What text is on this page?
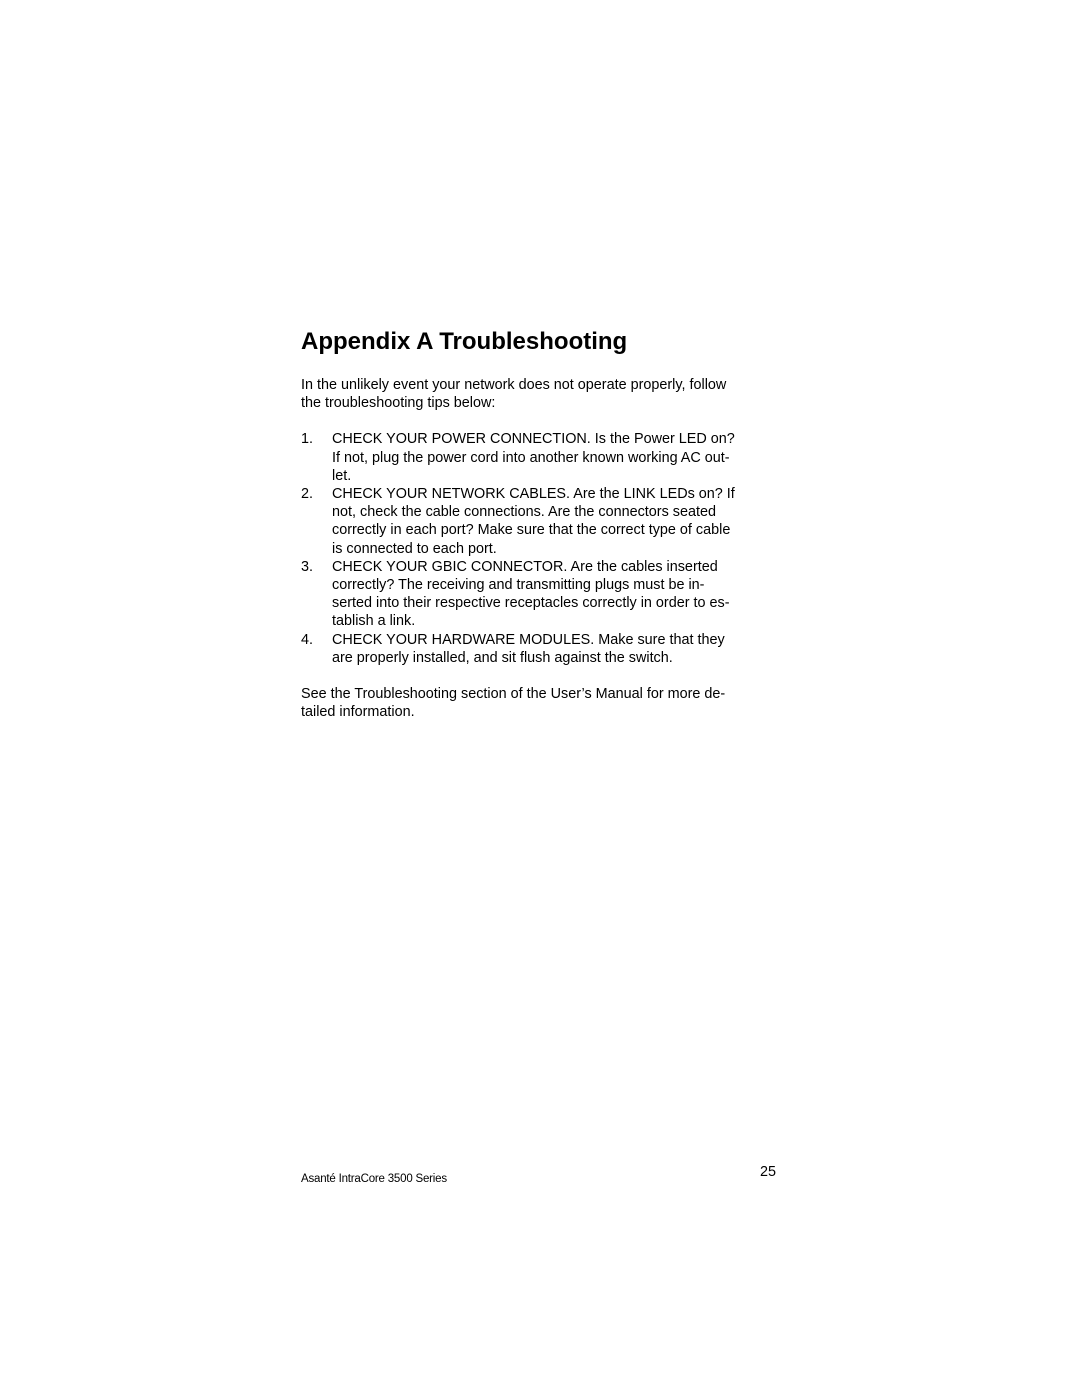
Appendix A Troubleshooting

In the unlikely event your network does not operate properly, follow
the troubleshooting tips below:

1. CHECK YOUR POWER CONNECTION. Is the Power LED on?
If not, plug the power cord into another known working AC out-
let.
2. CHECK YOUR NETWORK CABLES. Are the LINK LEDs on? If
not, check the cable connections. Are the connectors seated
correctly in each port? Make sure that the correct type of cable
is connected to each port.
3. CHECK YOUR GBIC CONNECTOR. Are the cables inserted
correctly? The receiving and transmitting plugs must be in-
serted into their respective receptacles correctly in order to es-
tablish a link.
4. CHECK YOUR HARDWARE MODULES. Make sure that they
are properly installed, and sit flush against the switch.

See the Troubleshooting section of the User’s Manual for more de-
tailed information.

Asanté IntraCore 3500 Series	25
